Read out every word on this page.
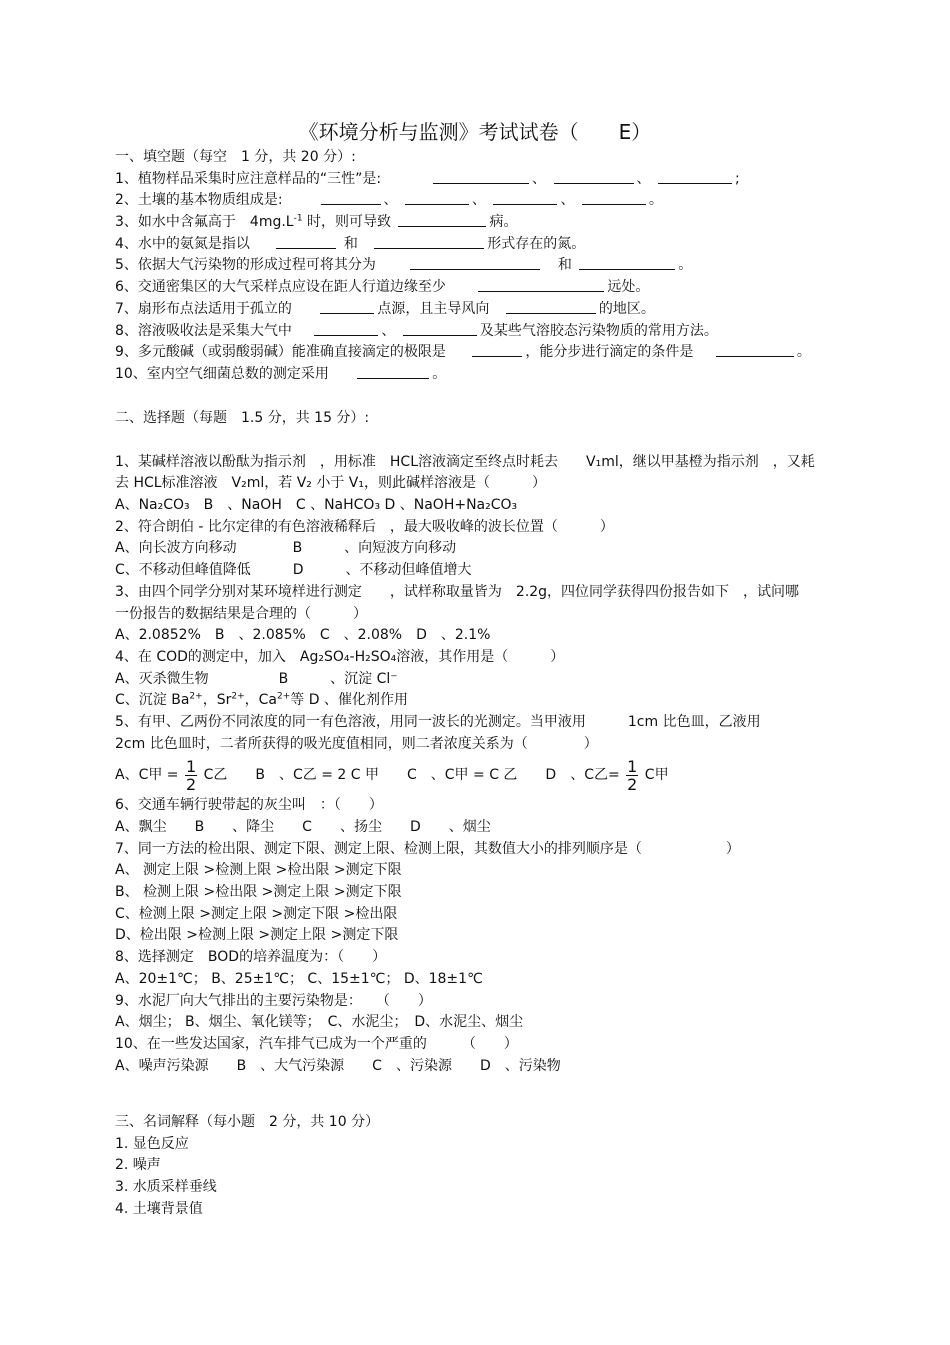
《环境分析与监测》考试试卷（　　E）
一、填空题（每空　1 分，共 20 分）:
1、植物样品采集时应注意样品的“三性”是:	、	、	;
2、土壤的基本物质组成是:	、	、	、	。
3、如水中含氟高于　$4mg.L^{-1}$ 时，则可导致	病。
4、水中的氨氮是指以	和	形式存在的氮。
5、依据大气污染物的形成过程可将其分为	和	。
6、交通密集区的大气采样点应设在距人行道边缘至少	远处。
7、扇形布点法适用于孤立的	点源，且主导风向	的地区。
8、溶液吸收法是采集大气中	、	及某些气溶胶态污染物质的常用方法。
9、多元酸碱（或弱酸弱碱）能准确直接滴定的极限是	，能分步进行滴定的条件是	。
10、室内空气细菌总数的测定采用	。
二、选择题（每题　1.5 分，共 15 分）:
1、某碱样溶液以酚酞为指示剂　，用标准　HCL溶液滴定至终点时耗去　　V₁ml，继以甲基橙为指示剂　，又耗
去 HCL标准溶液　V₂ml，若 V₂ 小于 V₁，则此碱样溶液是（　　　）
A、Na₂CO₃　B　、NaOH　C 、NaHCO₃ D 、NaOH+Na₂CO₃
2、符合朗伯 - 比尔定律的有色溶液稀释后　，最大吸收峰的波长位置（　　　）
A、向长波方向移动　　　　B　　　、向短波方向移动
C、不移动但峰值降低　　　D　　　、不移动但峰值增大
3、由四个同学分别对某环境样进行测定　　，试样称取量皆为　2.2g，四位同学获得四份报告如下　，试问哪
一份报告的数据结果是合理的（　　　）
A、2.0852%　B　、2.085%　C　、2.08%　D　、2.1%
4、在 COD的测定中，加入　Ag₂SO₄-H₂SO₄溶液，其作用是（　　　）
A、灭杀微生物　　　　　B　　　、沉淀 Cl⁻
C、沉淀 $Ba^{2+}$，$Sr^{2+}$，$Ca^{2+}$等 D 、催化剂作用
5、有甲、乙两份不同浓度的同一有色溶液，用同一波长的光测定。当甲液用　　　1cm 比色皿，乙液用
2cm 比色皿时，二者所获得的吸光度值相同，则二者浓度关系为（　　　　）
A、C甲 = $\frac{1}{2}$ C乙　　B　、C乙 = 2 C 甲　　C　、C甲 = C 乙　　D　、C乙= $\frac{1}{2}$ C甲
6、交通车辆行驶带起的灰尘叫　：（　　）
A、飘尘　　B　　、降尘　　C　　、扬尘　　D　　、烟尘
7、同一方法的检出限、测定下限、测定上限、检测上限，其数值大小的排列顺序是（　　　　　　）
A、 测定上限 >检测上限 >检出限 >测定下限
B、 检测上限 >检出限 >测定上限 >测定下限
C、检测上限 >测定上限 >测定下限 >检出限
D、检出限 >检测上限 >测定上限 >测定下限
8、选择测定　BOD的培养温度为：（　　）
A、20±1℃； B、25±1℃； C、15±1℃； D、18±1℃
9、水泥厂向大气排出的主要污染物是：　　（　　）
A、烟尘； B、烟尘、氧化镁等；　C、水泥尘；　D、水泥尘、烟尘
10、在一些发达国家，汽车排气已成为一个严重的　　　（　　）
A、噪声污染源　　B　、大气污染源　　C　、污染源　　D　、污染物
三、名词解释（每小题　2 分，共 10 分）
1. 显色反应
2. 噪声
3. 水质采样垂线
4. 土壤背景值
